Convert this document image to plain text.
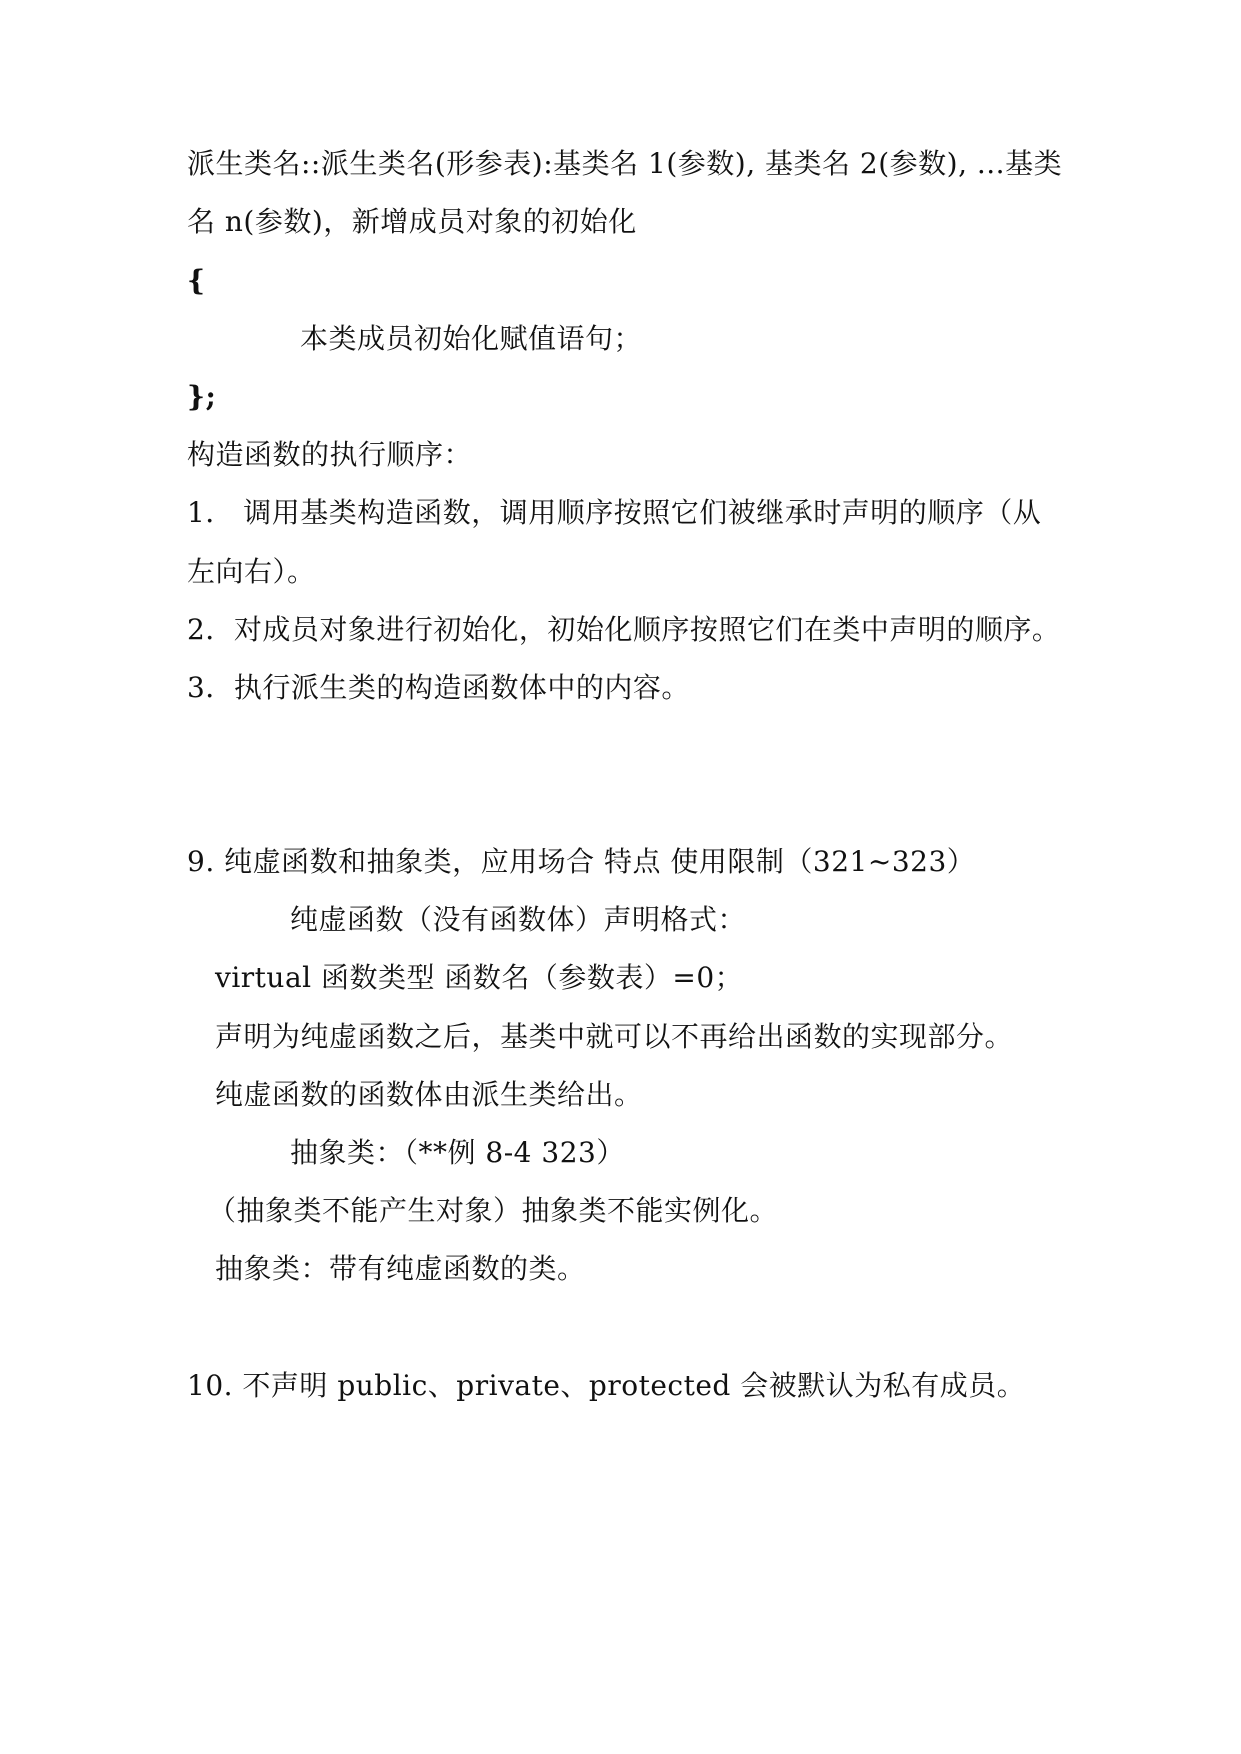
派生类名::派生类名(形参表):基类名 1(参数), 基类名 2(参数), ...基类
名 n(参数)，新增成员对象的初始化
{
本类成员初始化赋值语句；
};
构造函数的执行顺序：
1． 调用基类构造函数，调用顺序按照它们被继承时声明的顺序（从
左向右）。
2．对成员对象进行初始化，初始化顺序按照它们在类中声明的顺序。
3．执行派生类的构造函数体中的内容。
9. 纯虚函数和抽象类，应用场合 特点 使用限制（321~323）
纯虚函数（没有函数体）声明格式：
virtual 函数类型 函数名（参数表）=0；
声明为纯虚函数之后，基类中就可以不再给出函数的实现部分。
纯虚函数的函数体由派生类给出。
抽象类：（**例 8-4 323）
（抽象类不能产生对象）抽象类不能实例化。
抽象类：带有纯虚函数的类。
10. 不声明 public、private、protected 会被默认为私有成员。
